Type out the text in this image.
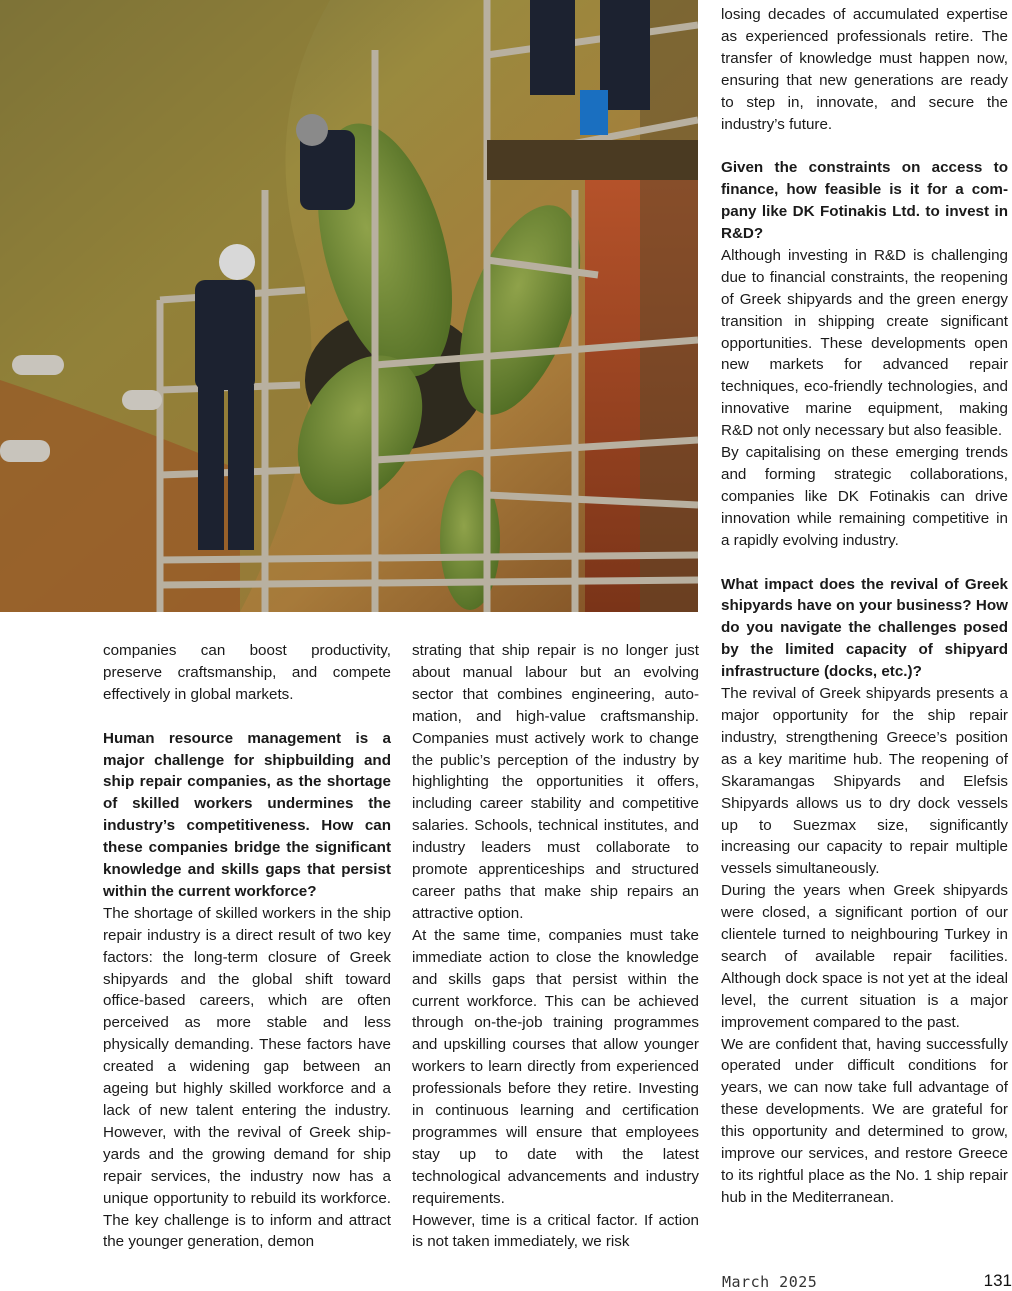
companies can boost productivity, preserve craftsmanship, and compete effectively in global markets.

Human resource management is a major challenge for shipbuilding and ship repair companies, as the shortage of skilled workers undermines the industry’s competitiveness. How can these companies bridge the significant knowledge and skills gaps that persist within the current workforce?

The shortage of skilled workers in the ship repair industry is a direct result of two key factors: the long-term closure of Greek shipyards and the global shift toward office-based careers, which are often perceived as more stable and less physically demanding. These factors have created a widening gap between an ageing but highly skilled workforce and a lack of new talent entering the industry. However, with the revival of Greek shipyards and the growing demand for ship repair services, the industry now has a unique opportunity to rebuild its workforce. The key challenge is to inform and attract the younger generation, demon

strating that ship repair is no longer just about manual labour but an evolving sector that combines engineering, automation, and high-value craftsmanship. Companies must actively work to change the public’s perception of the industry by highlighting the opportunities it offers, including career stability and competitive salaries. Schools, technical institutes, and industry leaders must collaborate to promote apprenticeships and structured career paths that make ship repairs an attractive option.

At the same time, companies must take immediate action to close the knowledge and skills gaps that persist within the current workforce. This can be achieved through on-the-job training programmes and upskilling courses that allow younger workers to learn directly from experienced professionals before they retire. Investing in continuous learning and certification programmes will ensure that employees stay up to date with the latest technological advancements and industry requirements.

However, time is a critical factor. If action is not taken immediately, we risk

losing decades of accumulated expertise as experienced professionals retire. The transfer of knowledge must happen now, ensuring that new generations are ready to step in, innovate, and secure the industry’s future.

Given the constraints on access to finance, how feasible is it for a company like DK Fotinakis Ltd. to invest in R&D?

Although investing in R&D is challenging due to financial constraints, the reopening of Greek shipyards and the green energy transition in shipping create significant opportunities. These developments open new markets for advanced repair techniques, eco-friendly technologies, and innovative marine equipment, making R&D not only necessary but also feasible.

By capitalising on these emerging trends and forming strategic collaborations, companies like DK Fotinakis can drive innovation while remaining competitive in a rapidly evolving industry.

What impact does the revival of Greek shipyards have on your business? How do you navigate the challenges posed by the limited capacity of shipyard infrastructure (docks, etc.)?

The revival of Greek shipyards presents a major opportunity for the ship repair industry, strengthening Greece’s position as a key maritime hub. The reopening of Skaramangas Shipyards and Elefsis Shipyards allows us to dry dock vessels up to Suezmax size, significantly increasing our capacity to repair multiple vessels simultaneously.

During the years when Greek shipyards were closed, a significant portion of our clientele turned to neighbouring Turkey in search of available repair facilities. Although dock space is not yet at the ideal level, the current situation is a major improvement compared to the past.

We are confident that, having successfully operated under difficult conditions for years, we can now take full advantage of these developments. We are grateful for this opportunity and determined to grow, improve our services, and restore Greece to its rightful place as the No. 1 ship repair hub in the Mediterranean.

March 2025	131
